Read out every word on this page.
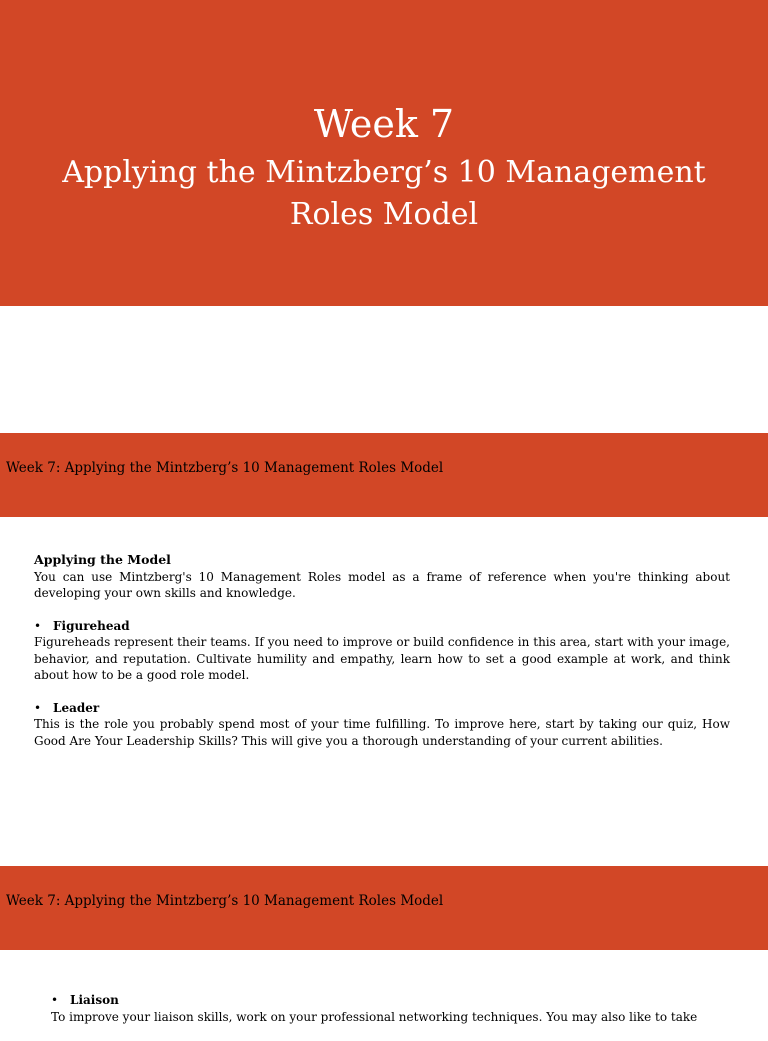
Week 7
Applying the Mintzberg’s 10 Management Roles Model
Week 7: Applying the Mintzberg’s 10 Management Roles Model

Applying the Model

You can use Mintzberg's 10 Management Roles model as a frame of reference when you're thinking about developing your own skills and knowledge.

• Figurehead

Figureheads represent their teams. If you need to improve or build confidence in this area, start with your image, behavior, and reputation. Cultivate humility and empathy, learn how to set a good example at work, and think about how to be a good role model.

• Leader

This is the role you probably spend most of your time fulfilling. To improve here, start by taking our quiz, How Good Are Your Leadership Skills? This will give you a thorough understanding of your current abilities.

Week 7: Applying the Mintzberg’s 10 Management Roles Model

• Liaison

To improve your liaison skills, work on your professional networking techniques. You may also like to take
